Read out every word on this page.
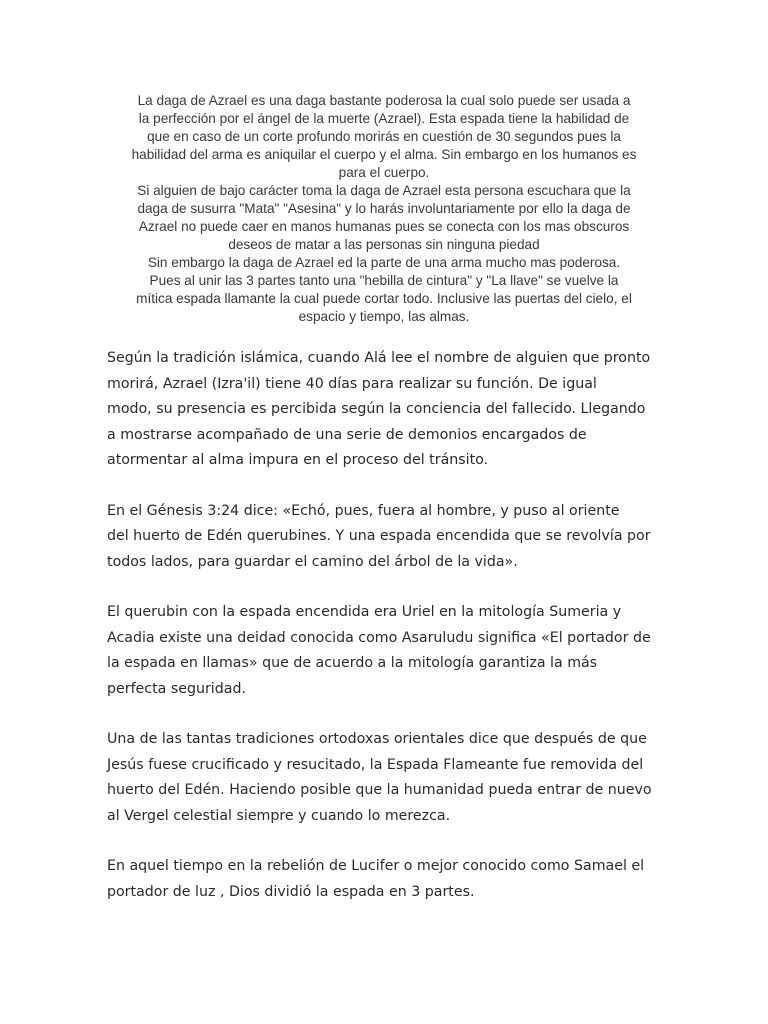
La daga de Azrael es una daga bastante poderosa la cual solo puede ser usada a
la perfección por el ángel de la muerte (Azrael). Esta espada tiene la habilidad de
que en caso de un corte profundo morirás en cuestión de 30 segundos pues la
habilidad del arma es aniquilar el cuerpo y el alma. Sin embargo en los humanos es
para el cuerpo.
Si alguien de bajo carácter toma la daga de Azrael esta persona escuchara que la
daga de susurra "Mata" "Asesina" y lo harás involuntariamente por ello la daga de
Azrael no puede caer en manos humanas pues se conecta con los mas obscuros
deseos de matar a las personas sin ninguna piedad
Sin embargo la daga de Azrael ed la parte de una arma mucho mas poderosa.
Pues al unir las 3 partes tanto una "hebilla de cintura" y "La llave" se vuelve la
mítica espada llamante la cual puede cortar todo. Inclusive las puertas del cielo, el
espacio y tiempo, las almas.

Según la tradición islámica, cuando Alá lee el nombre de alguien que pronto
morirá, Azrael (Izra'il) tiene 40 días para realizar su función. De igual
modo, su presencia es percibida según la conciencia del fallecido. Llegando
a mostrarse acompañado de una serie de demonios encargados de
atormentar al alma impura en el proceso del tránsito.

En el Génesis 3:24 dice: «Echó, pues, fuera al hombre, y puso al oriente
del huerto de Edén querubines. Y una espada encendida que se revolvía por
todos lados, para guardar el camino del árbol de la vida».

El querubin con la espada encendida era Uriel en la mitología Sumeria y
Acadia existe una deidad conocida como Asaruludu significa «El portador de
la espada en llamas» que de acuerdo a la mitología garantiza la más
perfecta seguridad.

Una de las tantas tradiciones ortodoxas orientales dice que después de que
Jesús fuese crucificado y resucitado, la Espada Flameante fue removida del
huerto del Edén. Haciendo posible que la humanidad pueda entrar de nuevo
al Vergel celestial siempre y cuando lo merezca.

En aquel tiempo en la rebelión de Lucifer o mejor conocido como Samael el
portador de luz , Dios dividió la espada en 3 partes.
